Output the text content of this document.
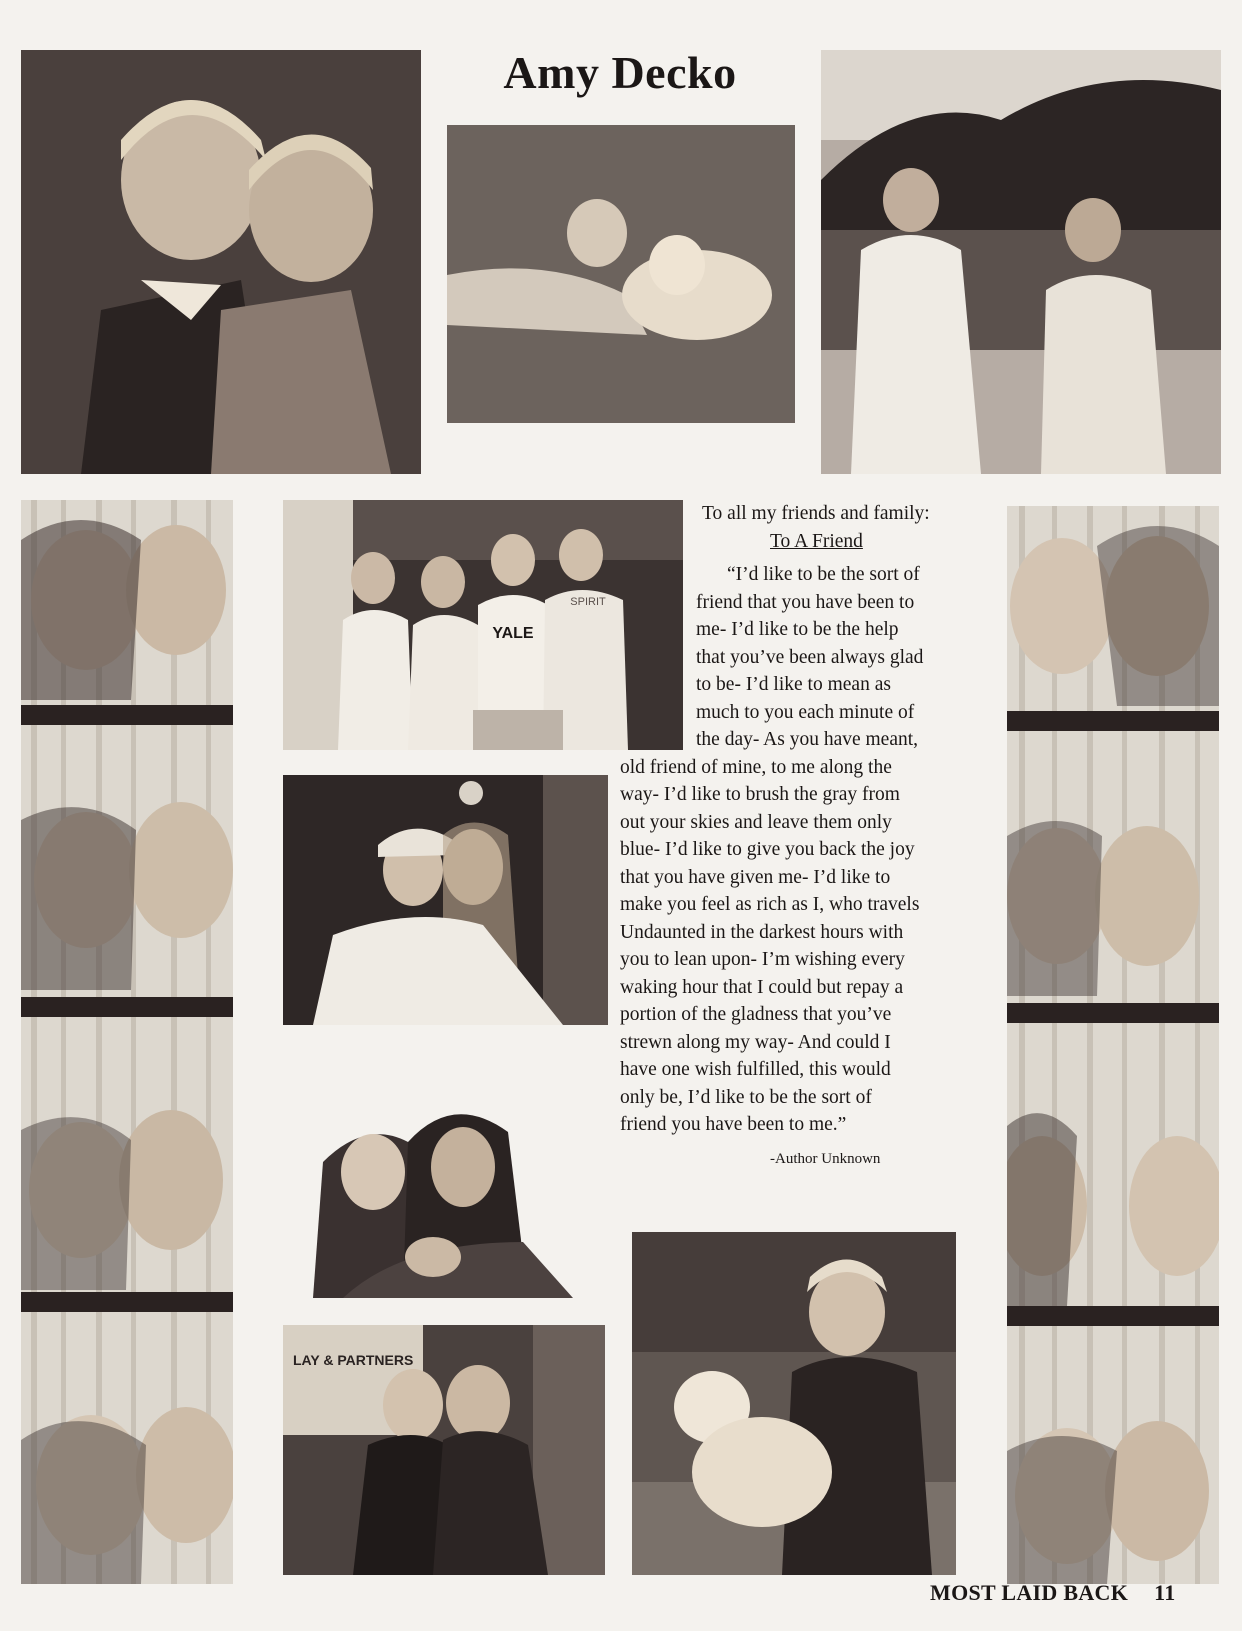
Amy Decko
YALE
SPIRIT
To all my friends and family:
To A Friend
“I’d like to be the sort of
friend that you have been to
me- I’d like to be the help
that you’ve been always glad
to be- I’d like to mean as
much to you each minute of
the day- As you have meant,
old friend of mine, to me along the
way- I’d like to brush the gray from
out your skies and leave them only
blue- I’d like to give you back the joy
that you have given me- I’d like to
make you feel as rich as I, who travels
Undaunted in the darkest hours with
you to lean upon- I’m wishing every
waking hour that I could but repay a
portion of the gladness that you’ve
strewn along my way- And could I
have one wish fulfilled, this would
only be, I’d like to be the sort of
friend you have been to me.”
-Author Unknown
LAY & PARTNERS
MOST LAID BACK 11
